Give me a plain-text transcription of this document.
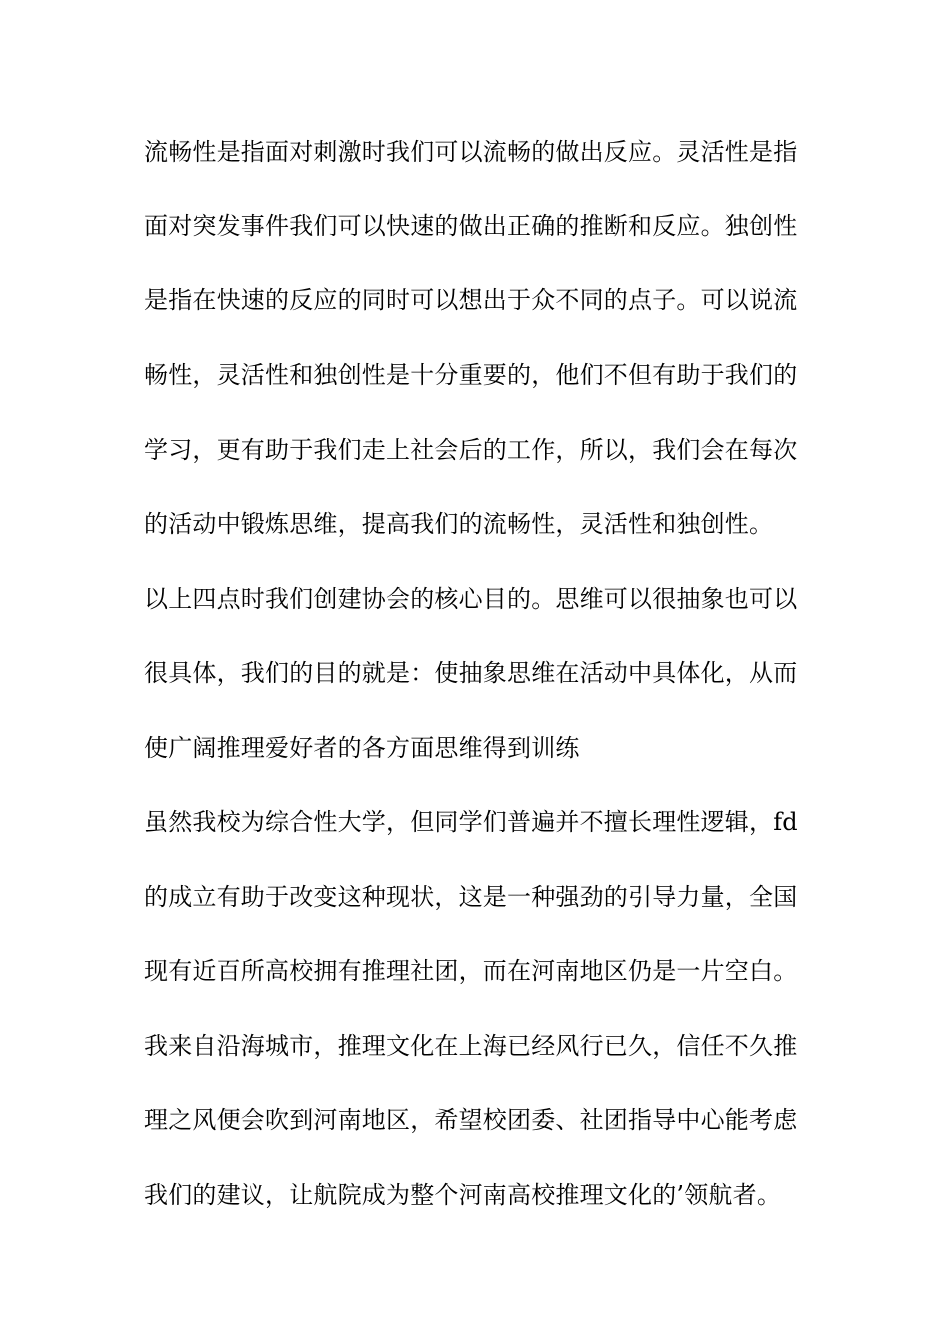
流畅性是指面对刺激时我们可以流畅的做出反应。灵活性是指
面对突发事件我们可以快速的做出正确的推断和反应。独创性
是指在快速的反应的同时可以想出于众不同的点子。可以说流
畅性，灵活性和独创性是十分重要的，他们不但有助于我们的
学习，更有助于我们走上社会后的工作，所以，我们会在每次
的活动中锻炼思维，提高我们的流畅性，灵活性和独创性。
以上四点时我们创建协会的核心目的。思维可以很抽象也可以
很具体，我们的目的就是：使抽象思维在活动中具体化，从而
使广阔推理爱好者的各方面思维得到训练
虽然我校为综合性大学，但同学们普遍并不擅长理性逻辑，fd
的成立有助于改变这种现状，这是一种强劲的引导力量，全国
现有近百所高校拥有推理社团，而在河南地区仍是一片空白。
我来自沿海城市，推理文化在上海已经风行已久，信任不久推
理之风便会吹到河南地区，希望校团委、社团指导中心能考虑
我们的建议，让航院成为整个河南高校推理文化的’领航者。
